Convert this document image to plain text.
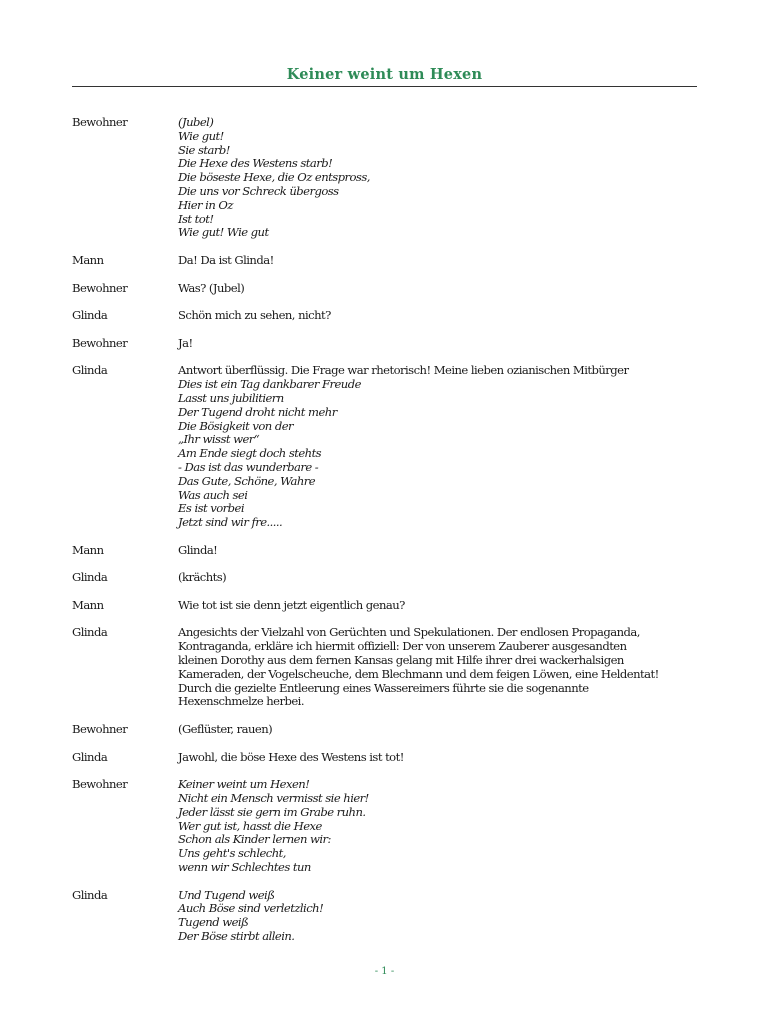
Keiner weint um Hexen
Bewohner	(Jubel)
Wie gut!
Sie starb!
Die Hexe des Westens starb!
Die böseste Hexe, die Oz entspross,
Die uns vor Schreck übergoss
Hier in Oz
Ist tot!
Wie gut! Wie gut
Mann	Da! Da ist Glinda!
Bewohner	Was? (Jubel)
Glinda	Schön mich zu sehen, nicht?
Bewohner	Ja!
Glinda	Antwort überflüssig. Die Frage war rhetorisch! Meine lieben ozianischen Mitbürger
Dies ist ein Tag dankbarer Freude
Lasst uns jubilitiern
Der Tugend droht nicht mehr
Die Bösigkeit von der
„Ihr wisst wer“
Am Ende siegt doch stehts
- Das ist das wunderbare -
Das Gute, Schöne, Wahre
Was auch sei
Es ist vorbei
Jetzt sind wir fre.....
Mann	Glinda!
Glinda	(krächts)
Mann	Wie tot ist sie denn jetzt eigentlich genau?
Glinda	Angesichts der Vielzahl von Gerüchten und Spekulationen. Der endlosen Propaganda,
Kontraganda, erkläre ich hiermit offiziell: Der von unserem Zauberer ausgesandten
kleinen Dorothy aus dem fernen Kansas gelang mit Hilfe ihrer drei wackerhalsigen
Kameraden, der Vogelscheuche, dem Blechmann und dem feigen Löwen, eine Heldentat!
Durch die gezielte Entleerung eines Wassereimers führte sie die sogenannte
Hexenschmelze herbei.
Bewohner	(Geflüster, rauen)
Glinda	Jawohl, die böse Hexe des Westens ist tot!
Bewohner	Keiner weint um Hexen!
Nicht ein Mensch vermisst sie hier!
Jeder lässt sie gern im Grabe ruhn.
Wer gut ist, hasst die Hexe
Schon als Kinder lernen wir:
Uns geht's schlecht,
wenn wir Schlechtes tun
Glinda	Und Tugend weiß
Auch Böse sind verletzlich!
Tugend weiß
Der Böse stirbt allein.
- 1 -
